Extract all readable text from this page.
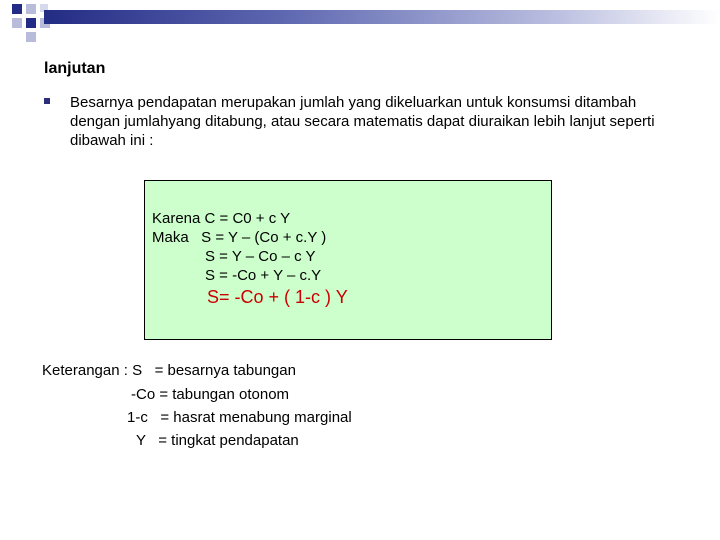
lanjutan
Besarnya pendapatan merupakan jumlah yang dikeluarkan untuk konsumsi ditambah dengan jumlahyang ditabung, atau secara matematis dapat diuraikan lebih lanjut seperti dibawah ini :
Karena C = C0 + c Y
Maka   S = Y – (Co + c.Y )
S = Y – Co – c Y
S = -Co + Y – c.Y
S= -Co + ( 1-c ) Y
Keterangan : S   = besarnya tabungan
-Co = tabungan otonom
1-c   = hasrat menabung marginal
Y   = tingkat pendapatan
